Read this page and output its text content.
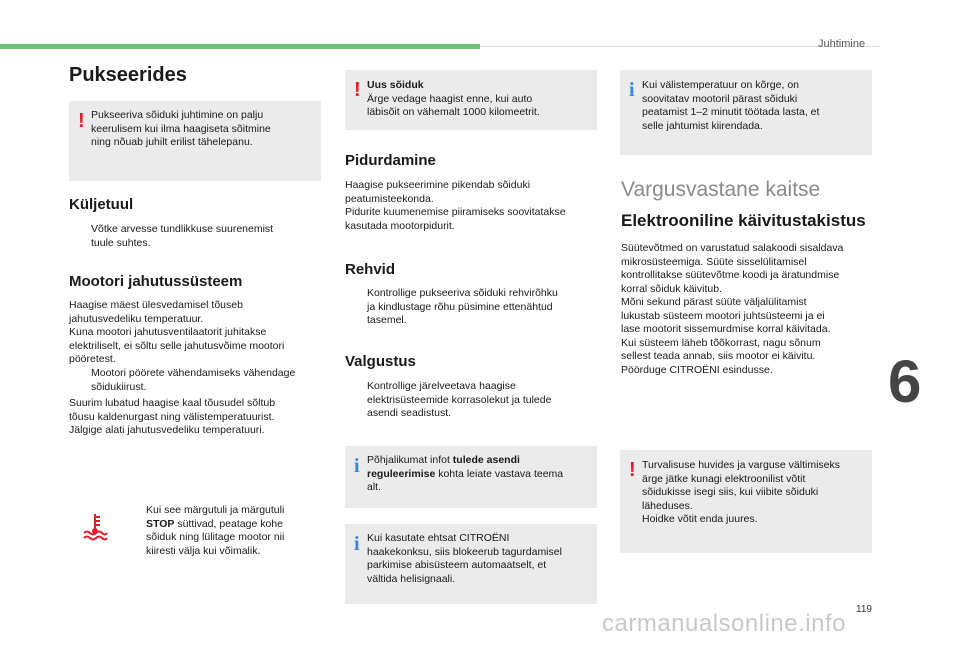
Juhtimine
6
119
carmanualsonline.info
Pukseerides
! Pukseeriva sõiduki juhtimine on palju
keerulisem kui ilma haagiseta sõitmine
ning nõuab juhilt erilist tähelepanu.
Küljetuul
Võtke arvesse tundlikkuse suurenemist
tuule suhtes.
Mootori jahutussüsteem
Haagise mäest ülesvedamisel tõuseb
jahutusvedeliku temperatuur.
Kuna mootori jahutusventilaatorit juhitakse
elektriliselt, ei sõltu selle jahutusvõime mootori
pööretest.
Mootori pöörete vähendamiseks vähendage
sõidukiirust.
Suurim lubatud haagise kaal tõusudel sõltub
tõusu kaldenurgast ning välistemperatuurist.
Jälgige alati jahutusvedeliku temperatuuri.
Kui see märgutuli ja märgutuli
STOP süttivad, peatage kohe
sõiduk ning lülitage mootor nii
kiiresti välja kui võimalik.
! Uus sõiduk
Ärge vedage haagist enne, kui auto
läbisõit on vähemalt 1000 kilomeetrit.
Pidurdamine
Haagise pukseerimine pikendab sõiduki
peatumisteekonda.
Pidurite kuumenemise piiramiseks soovitatakse
kasutada mootorpidurit.
Rehvid
Kontrollige pukseeriva sõiduki rehvirõhku
ja kindlustage rõhu püsimine ettenähtud
tasemel.
Valgustus
Kontrollige järelveetava haagise
elektrisüsteemide korrasolekut ja tulede
asendi seadistust.
i Põhjalikumat infot tulede asendi
reguleerimise kohta leiate vastava teema
alt.
i Kui kasutate ehtsat CITROËNI
haakekonksu, siis blokeerub tagurdamisel
parkimise abisüsteem automaatselt, et
vältida helisignaali.
i Kui välistemperatuur on kõrge, on
soovitatav mootoril pärast sõiduki
peatamist 1–2 minutit töötada lasta, et
selle jahtumist kiirendada.
Vargusvastane kaitse
Elektrooniline käivitustakistus
Süütevõtmed on varustatud salakoodi sisaldava
mikrosüsteemiga. Süüte sisselülitamisel
kontrollitakse süütevõtme koodi ja äratundmise
korral sõiduk käivitub.
Mõni sekund pärast süüte väljalülitamist
lukustab süsteem mootori juhtsüsteemi ja ei
lase mootorit sissemurdmise korral käivitada.
Kui süsteem läheb tõõkorrast, nagu sõnum
sellest teada annab, siis mootor ei käivitu.
Pöörduge CITROËNI esindusse.
! Turvalisuse huvides ja varguse vältimiseks
ärge jätke kunagi elektroonilist võtit
sõidukisse isegi siis, kui viibite sõiduki
läheduses.
Hoidke võtit enda juures.
